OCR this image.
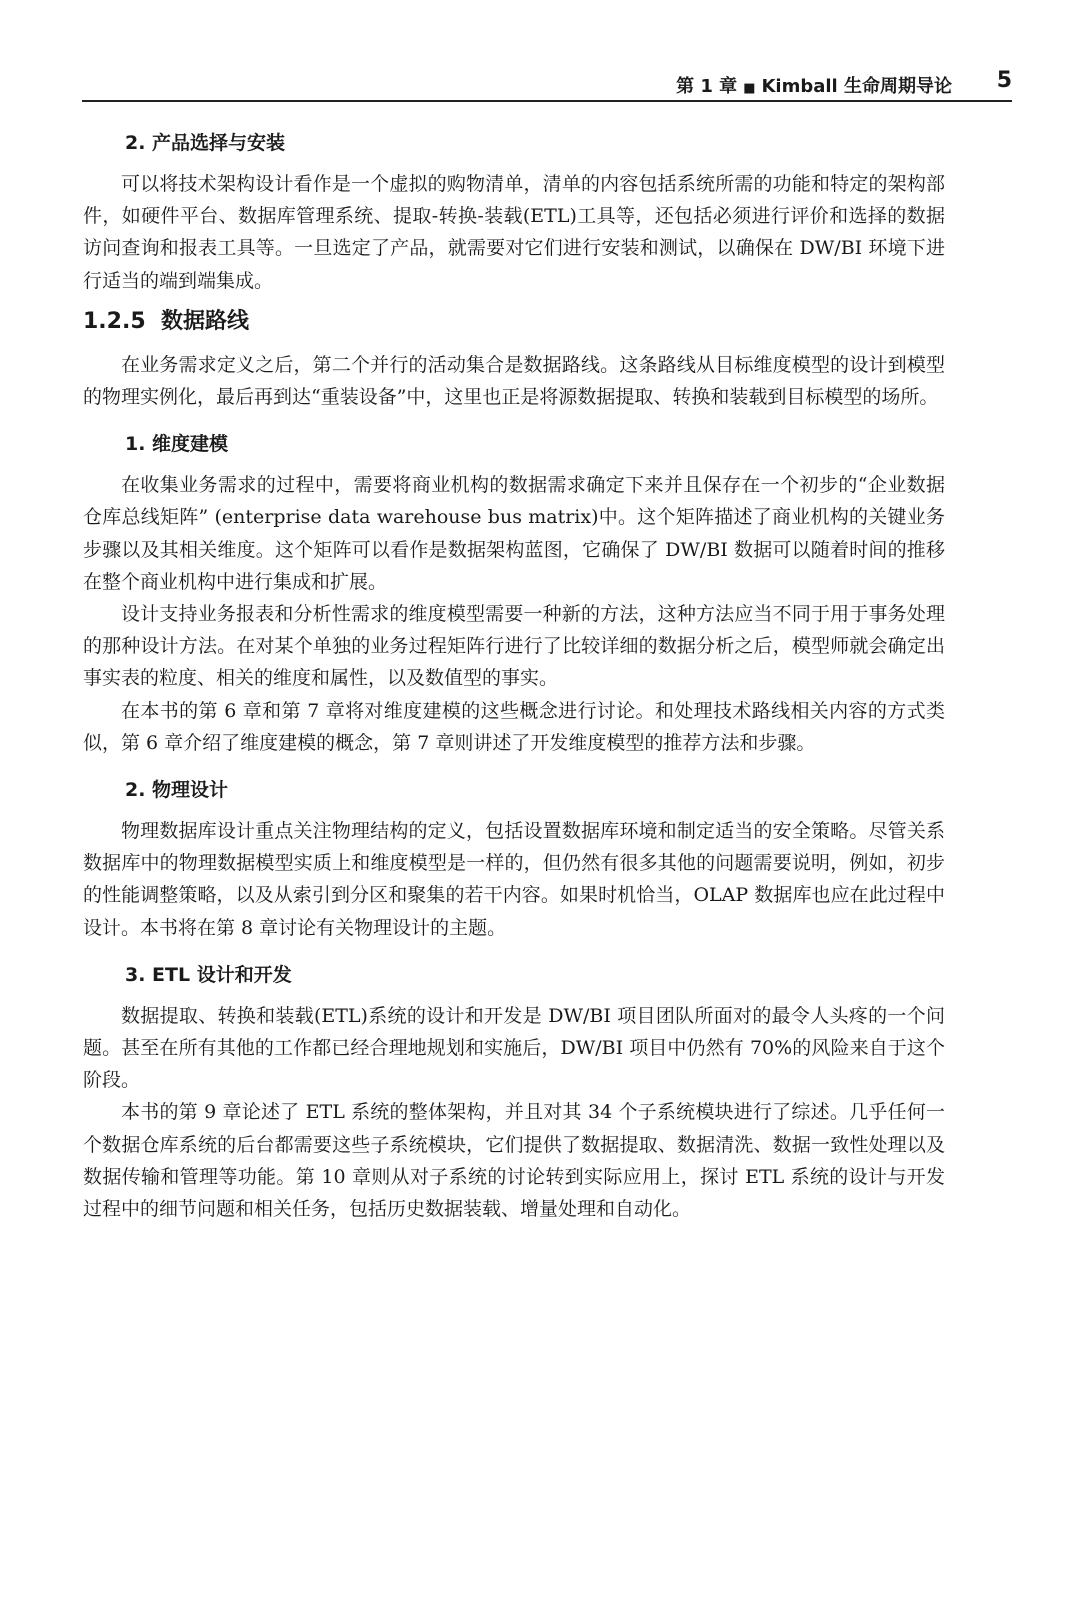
第 1 章 ■ Kimball 生命周期导论 5
2. 产品选择与安装

可以将技术架构设计看作是一个虚拟的购物清单，清单的内容包括系统所需的功能和特定的架构部件，如硬件平台、数据库管理系统、提取-转换-装载(ETL)工具等，还包括必须进行评价和选择的数据访问查询和报表工具等。一旦选定了产品，就需要对它们进行安装和测试，以确保在 DW/BI 环境下进行适当的端到端集成。

1.2.5 数据路线

在业务需求定义之后，第二个并行的活动集合是数据路线。这条路线从目标维度模型的设计到模型的物理实例化，最后再到达“重装设备”中，这里也正是将源数据提取、转换和装载到目标模型的场所。

1. 维度建模

在收集业务需求的过程中，需要将商业机构的数据需求确定下来并且保存在一个初步的“企业数据仓库总线矩阵” (enterprise data warehouse bus matrix)中。这个矩阵描述了商业机构的关键业务步骤以及其相关维度。这个矩阵可以看作是数据架构蓝图，它确保了 DW/BI 数据可以随着时间的推移在整个商业机构中进行集成和扩展。

设计支持业务报表和分析性需求的维度模型需要一种新的方法，这种方法应当不同于用于事务处理的那种设计方法。在对某个单独的业务过程矩阵行进行了比较详细的数据分析之后，模型师就会确定出事实表的粒度、相关的维度和属性，以及数值型的事实。

在本书的第 6 章和第 7 章将对维度建模的这些概念进行讨论。和处理技术路线相关内容的方式类似，第 6 章介绍了维度建模的概念，第 7 章则讲述了开发维度模型的推荐方法和步骤。

2. 物理设计

物理数据库设计重点关注物理结构的定义，包括设置数据库环境和制定适当的安全策略。尽管关系数据库中的物理数据模型实质上和维度模型是一样的，但仍然有很多其他的问题需要说明，例如，初步的性能调整策略，以及从索引到分区和聚集的若干内容。如果时机恰当，OLAP 数据库也应在此过程中设计。本书将在第 8 章讨论有关物理设计的主题。

3. ETL 设计和开发

数据提取、转换和装载(ETL)系统的设计和开发是 DW/BI 项目团队所面对的最令人头疼的一个问题。甚至在所有其他的工作都已经合理地规划和实施后，DW/BI 项目中仍然有 70%的风险来自于这个阶段。

本书的第 9 章论述了 ETL 系统的整体架构，并且对其 34 个子系统模块进行了综述。几乎任何一个数据仓库系统的后台都需要这些子系统模块，它们提供了数据提取、数据清洗、数据一致性处理以及数据传输和管理等功能。第 10 章则从对子系统的讨论转到实际应用上，探讨 ETL 系统的设计与开发过程中的细节问题和相关任务，包括历史数据装载、增量处理和自动化。
